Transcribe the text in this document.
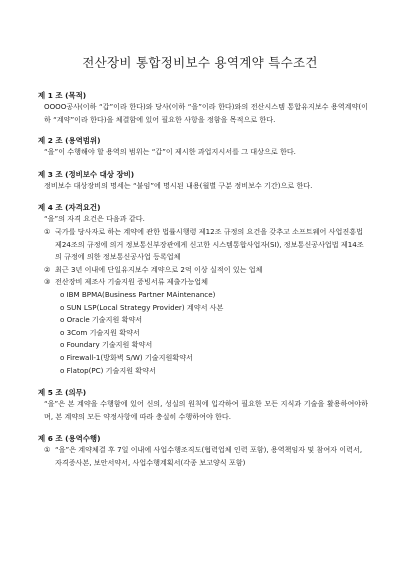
전산장비 통합정비보수 용역계약 특수조건
제 1 조 (목적)
OOOO공사(이하 “갑”이라 한다)와 당사(이하 “을”이라 한다)와의 전산시스템 통합유지보수 용역계약(이하 “계약”이라 한다)을 체결함에 있어 필요한 사항을 정함을 목적으로 한다.
제 2 조 (용역범위)
“을”이 수행해야 할 용역의 범위는 “갑”이 제시한 과업지시서를 그 대상으로 한다.
제 3 조 (정비보수 대상 장비)
정비보수 대상장비의 명세는 “붙임”에 명시된 내용(월별 구분 정비보수 기간)으로 한다.
제 4 조 (자격요건)
“을”의 자격 요건은 다음과 같다.
① 국가를 당사자로 하는 계약에 관한 법률시행령 제12조 규정의 요건을 갖추고 소프트웨어 사업진흥법 제24조의 규정에 의거 정보통신부장관에게 신고한 시스템통합사업자(SI), 정보통신공사업법 제14조의 규정에 의한 정보통신공사업 등록업체
② 최근 3년 이내에 단일유지보수 계약으로 2억 이상 실적이 있는 업체
③ 전산장비 제조사 기술지원 증빙서류 제출가능업체
o IBM BPMA(Business Partner MAintenance)
o SUN LSP(Local Strategy Provider) 계약서 사본
o Oracle 기술지원 확약서
o 3Com 기술지원 확약서
o Foundary 기술지원 확약서
o Firewall-1(방화벽 S/W) 기술지원확약서
o Flatop(PC) 기술지원 확약서
제 5 조 (의무)
“을”은 본 계약을 수행함에 있어 신의, 성실의 원칙에 입각하여 필요한 모든 지식과 기술을 활용하여야하며, 본 계약의 모든 약정사항에 따라 충실히 수행하여야 한다.
제 6 조 (용역수행)
① “을”은 계약체결 후 7일 이내에 사업수행조직도(협력업체 인력 포함), 용역책임자 및 참여자 이력서, 자격증사본, 보안서약서, 사업수행계획서(각종 보고양식 포함)
